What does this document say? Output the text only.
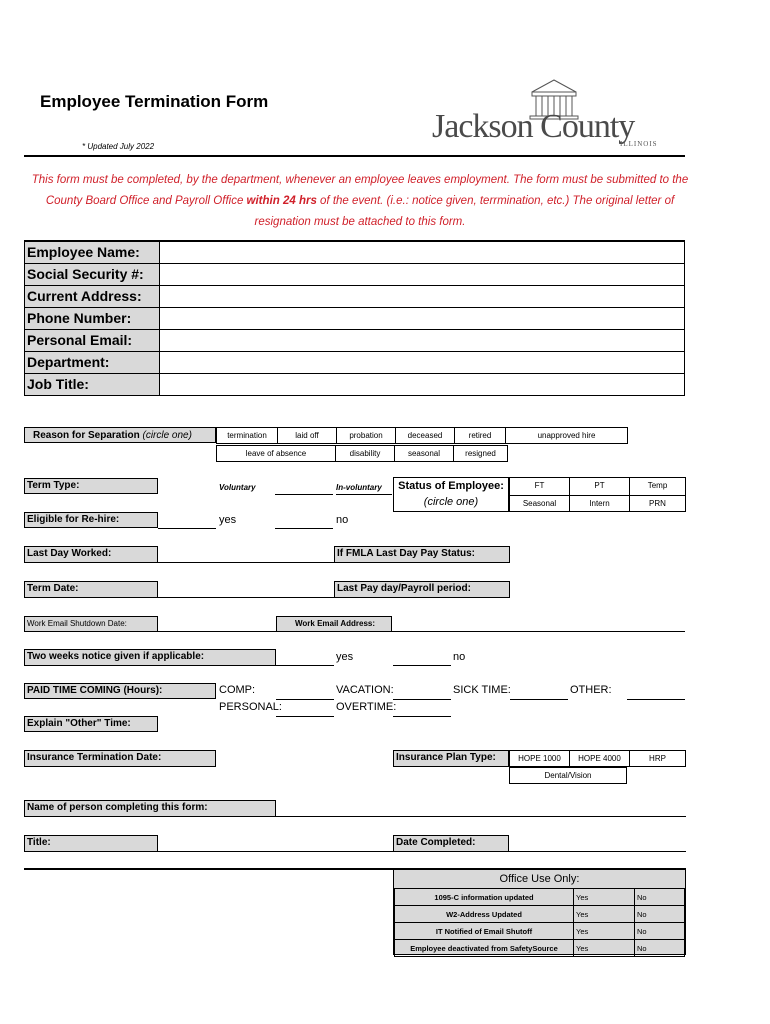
Employee Termination Form
* Updated July 2022
Jackson County
ILLINOIS
This form must be completed, by the department, whenever an employee leaves employment. The form must be submitted to the County Board Office and Payroll Office within 24 hrs of the event. (i.e.: notice given, terrmination, etc.) The original letter of resignation must be attached to this form.
Employee Name:
Social Security #:
Current Address:
Phone Number:
Personal Email:
Department:
Job Title:
Reason for Separation (circle one)	termination	laid off	probation	deceased	retired	unapproved hire
leave of absence	disability	seasonal	resigned
Term Type:	Voluntary	In-voluntary	Status of Employee:
(circle one)
FT	PT	Temp
Seasonal	Intern	PRN
Eligible for Re-hire:	yes	no
Last Day Worked:	If FMLA Last Day Pay Status:
Term Date:	Last Pay day/Payroll period:
Work Email Shutdown Date:	Work Email Address:
Two weeks notice given if applicable:	yes	no
PAID TIME COMING (Hours):	COMP:	VACATION:	SICK TIME:	OTHER:
PERSONAL:	OVERTIME:
Explain "Other" Time:
Insurance Termination Date:	Insurance Plan Type:	HOPE 1000	HOPE 4000	HRP
Dental/Vision
Name of person completing this form:
Title:	Date Completed:
Office Use Only:
1095-C information updated	Yes	No
W2-Address Updated	Yes	No
IT Notified of Email Shutoff	Yes	No
Employee deactivated from SafetySource	Yes	No
